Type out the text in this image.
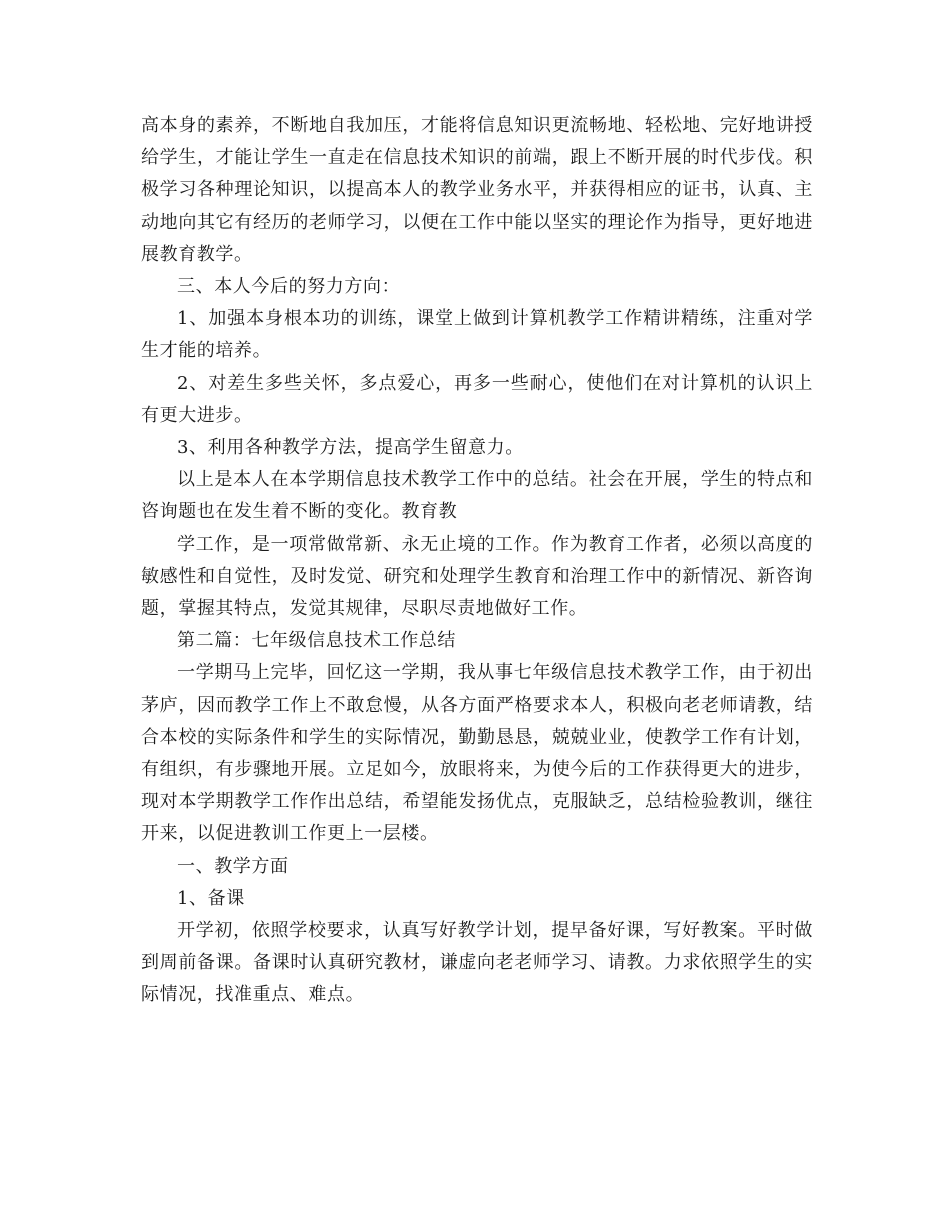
高本身的素养，不断地自我加压，才能将信息知识更流畅地、轻松地、完好地讲授给学生，才能让学生一直走在信息技术知识的前端，跟上不断开展的时代步伐。积极学习各种理论知识，以提高本人的教学业务水平，并获得相应的证书，认真、主动地向其它有经历的老师学习，以便在工作中能以坚实的理论作为指导，更好地进展教育教学。

三、本人今后的努力方向：

1、加强本身根本功的训练，课堂上做到计算机教学工作精讲精练，注重对学生才能的培养。

2、对差生多些关怀，多点爱心，再多一些耐心，使他们在对计算机的认识上有更大进步。

3、利用各种教学方法，提高学生留意力。

以上是本人在本学期信息技术教学工作中的总结。社会在开展，学生的特点和咨询题也在发生着不断的变化。教育教

学工作，是一项常做常新、永无止境的工作。作为教育工作者，必须以高度的敏感性和自觉性，及时发觉、研究和处理学生教育和治理工作中的新情况、新咨询题，掌握其特点，发觉其规律，尽职尽责地做好工作。

第二篇：七年级信息技术工作总结

一学期马上完毕，回忆这一学期，我从事七年级信息技术教学工作，由于初出茅庐，因而教学工作上不敢怠慢，从各方面严格要求本人，积极向老老师请教，结合本校的实际条件和学生的实际情况，勤勤恳恳，兢兢业业，使教学工作有计划，有组织，有步骤地开展。立足如今，放眼将来，为使今后的工作获得更大的进步，现对本学期教学工作作出总结，希望能发扬优点，克服缺乏，总结检验教训，继往开来，以促进教训工作更上一层楼。

一、教学方面

1、备课

开学初，依照学校要求，认真写好教学计划，提早备好课，写好教案。平时做到周前备课。备课时认真研究教材，谦虚向老老师学习、请教。力求依照学生的实际情况，找准重点、难点。
